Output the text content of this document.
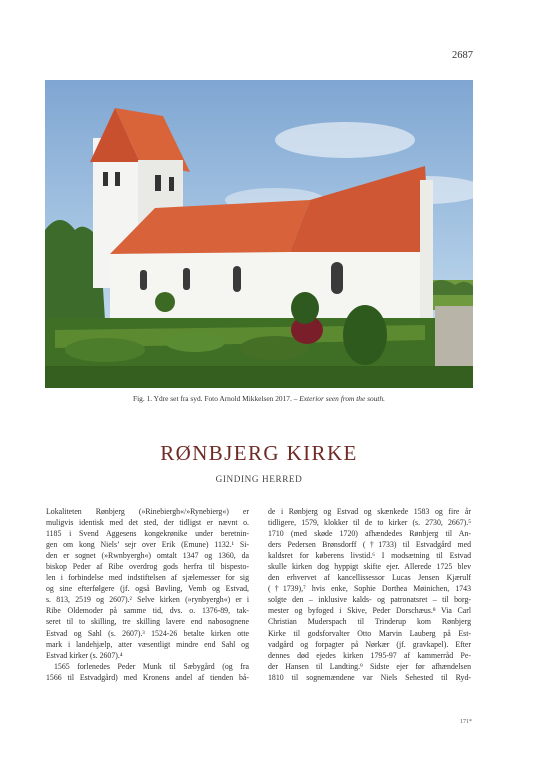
2687
Fig. 1. Ydre set fra syd. Foto Arnold Mikkelsen 2017. – Exterior seen from the south.
RØNBJERG KIRKE
GINDING HERRED
Lokaliteten Rønbjerg (»Rinebiergh«/»Rynebierg«) er
muligvis identisk med det sted, der tidligst er nævnt o.
1185 i Svend Aggesens kongekrønike under beretnin-
gen om kong Niels’ sejr over Erik (Emune) 1132.¹ Si-
den er sognet (»Rwnbyergh«) omtalt 1347 og 1360, da
biskop Peder af Ribe overdrog gods herfra til bispesto-
len i forbindelse med indstiftelsen af sjælemesser for sig
og sine efterfølgere (jf. også Bøvling, Vemb og Estvad,
s. 813, 2519 og 2607).² Selve kirken (»rynbyergh«) er i
Ribe Oldemoder på samme tid, dvs. o. 1376-89, tak-
seret til to skilling, tre skilling lavere end nabosognene
Estvad og Sahl (s. 2607).³ 1524-26 betalte kirken otte
mark i landehjælp, atter væsentligt mindre end Sahl og
Estvad kirker (s. 2607).⁴
1565 forlenedes Peder Munk til Sæbygård (og fra
1566 til Estvadgård) med Kronens andel af tienden bå-
de i Rønbjerg og Estvad og skænkede 1583 og fire år
tidligere, 1579, klokker til de to kirker (s. 2730, 2667).⁵
1710 (med skøde 1720) afhændedes Rønbjerg til An-
ders Pedersen Brønsdorff (†1733) til Estvadgård med
kaldsret for køberens livstid.⁶ I modsætning til Estvad
skulle kirken dog hyppigt skifte ejer. Allerede 1725 blev
den erhvervet af kancellissessor Lucas Jensen Kjærulf
(†1739),⁷ hvis enke, Sophie Dorthea Møinichen, 1743
solgte den – inklusive kalds- og patronatsret – til borg-
mester og byfoged i Skive, Peder Dorschæus.⁸ Via Carl
Christian Muderspach til Trinderup kom Rønbjerg
Kirke til godsforvalter Otto Marvin Lauberg på Est-
vadgård og forpagter på Nørkær (jf. gravkapel). Efter
dennes død ejedes kirken 1795-97 af kammerråd Pe-
der Hansen til Landting.⁹ Sidste ejer før afhændelsen
1810 til sognemændene var Niels Sehested til Ryd-
171*
